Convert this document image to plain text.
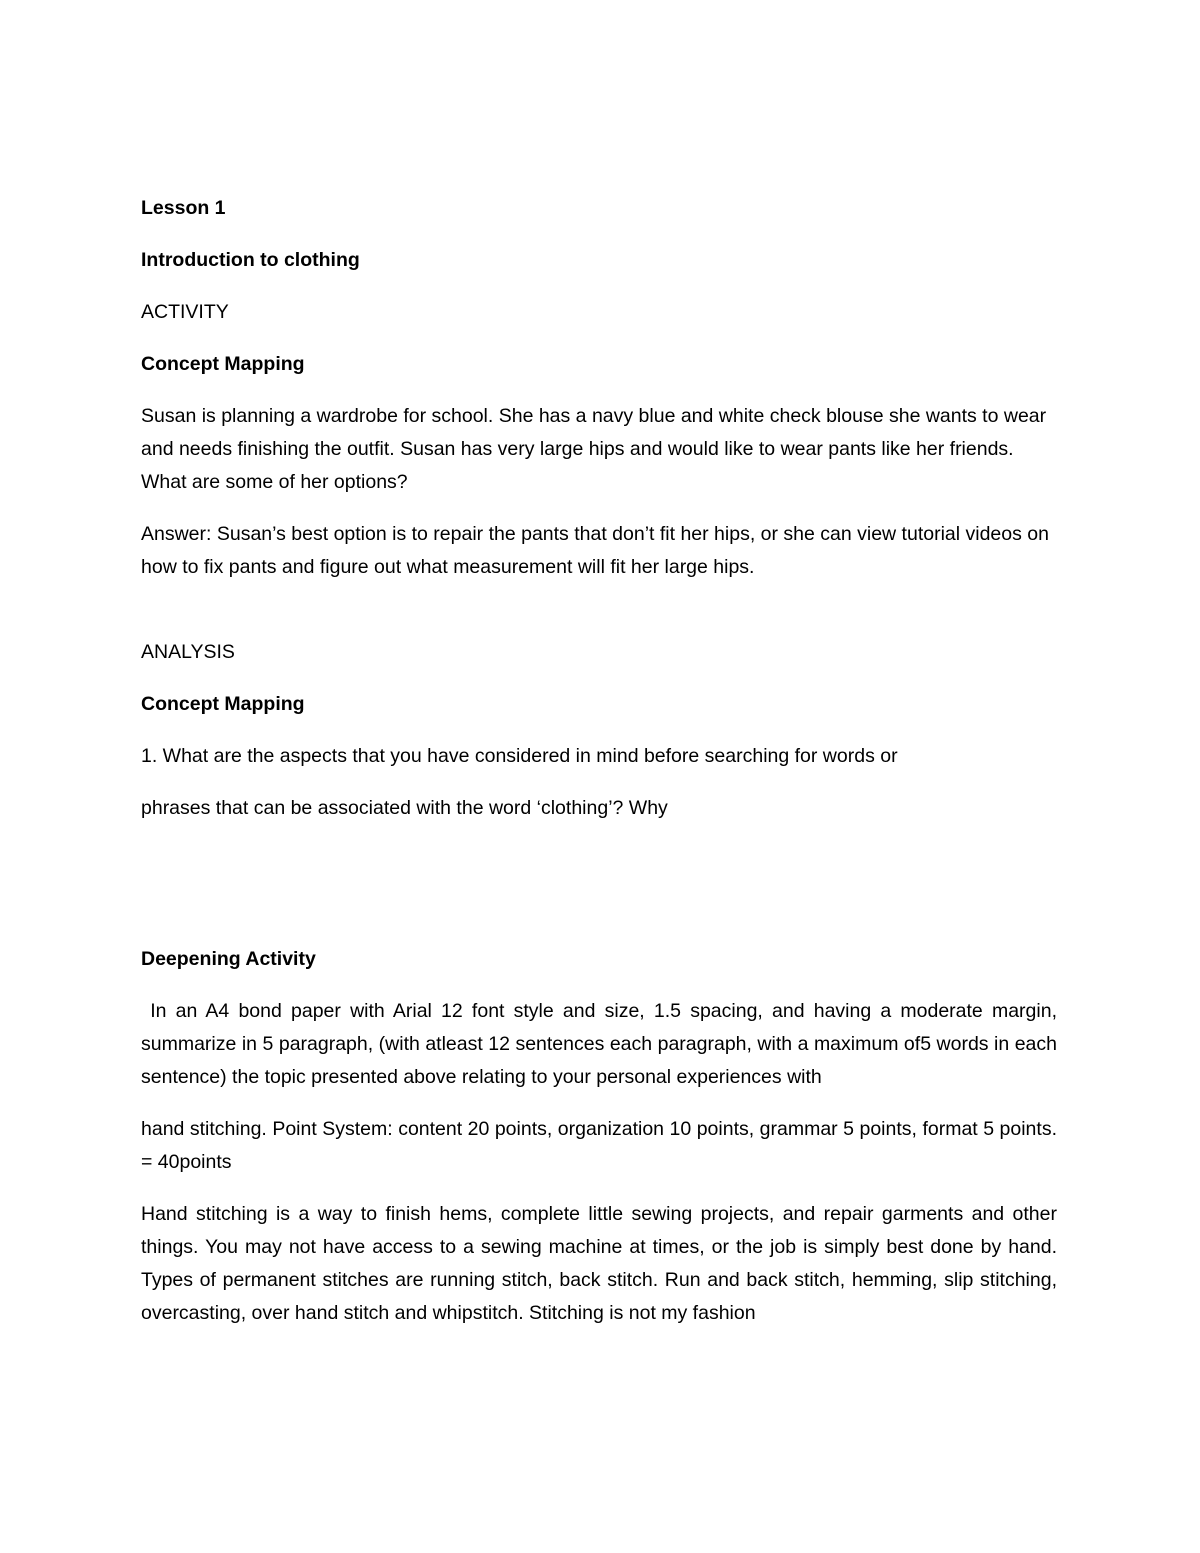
Lesson 1

Introduction to clothing

ACTIVITY

Concept Mapping

Susan is planning a wardrobe for school. She has a navy blue and white check blouse she wants to wear and needs finishing the outfit. Susan has very large hips and would like to wear pants like her friends. What are some of her options?

Answer: Susan’s best option is to repair the pants that don’t fit her hips, or she can view tutorial videos on how to fix pants and figure out what measurement will fit her large hips.

ANALYSIS

Concept Mapping

1. What are the aspects that you have considered in mind before searching for words or

phrases that can be associated with the word ‘clothing’? Why

Deepening Activity

In an A4 bond paper with Arial 12 font style and size, 1.5 spacing, and having a moderate margin, summarize in 5 paragraph, (with atleast 12 sentences each paragraph, with a maximum of5 words in each sentence) the topic presented above relating to your personal experiences with

hand stitching. Point System: content 20 points, organization 10 points, grammar 5 points, format 5 points. = 40points

Hand stitching is a way to finish hems, complete little sewing projects, and repair garments and other things. You may not have access to a sewing machine at times, or the job is simply best done by hand. Types of permanent stitches are running stitch, back stitch. Run and back stitch, hemming, slip stitching, overcasting, over hand stitch and whipstitch. Stitching is not my fashion
